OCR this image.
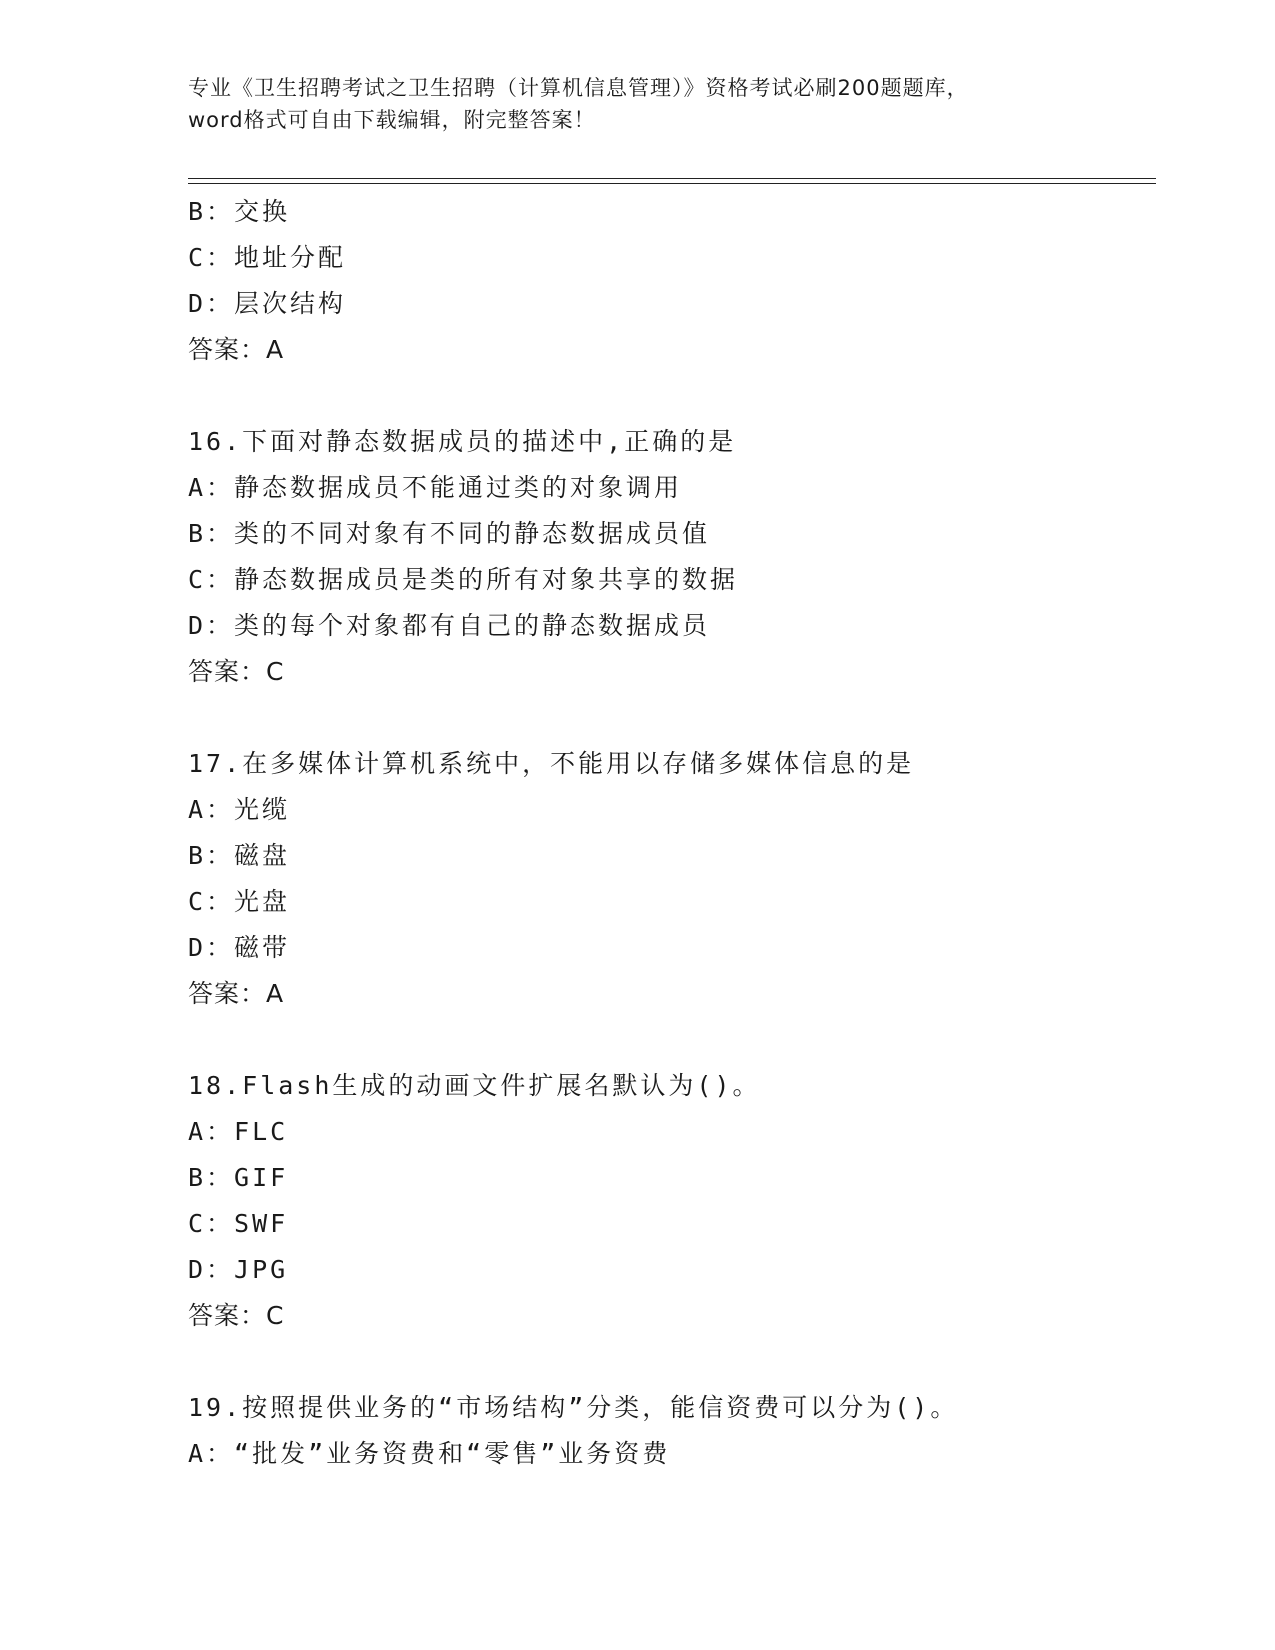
专业《卫生招聘考试之卫生招聘（计算机信息管理）》资格考试必刷200题题库，
word格式可自由下载编辑，附完整答案！
B：交换
C：地址分配
D：层次结构
答案：A
16.下面对静态数据成员的描述中,正确的是
A：静态数据成员不能通过类的对象调用
B：类的不同对象有不同的静态数据成员值
C：静态数据成员是类的所有对象共享的数据
D：类的每个对象都有自己的静态数据成员
答案：C
17.在多媒体计算机系统中，不能用以存储多媒体信息的是
A：光缆
B：磁盘
C：光盘
D：磁带
答案：A
18.Flash生成的动画文件扩展名默认为()。
A：FLC
B：GIF
C：SWF
D：JPG
答案：C
19.按照提供业务的“市场结构”分类，能信资费可以分为()。
A：“批发”业务资费和“零售”业务资费
